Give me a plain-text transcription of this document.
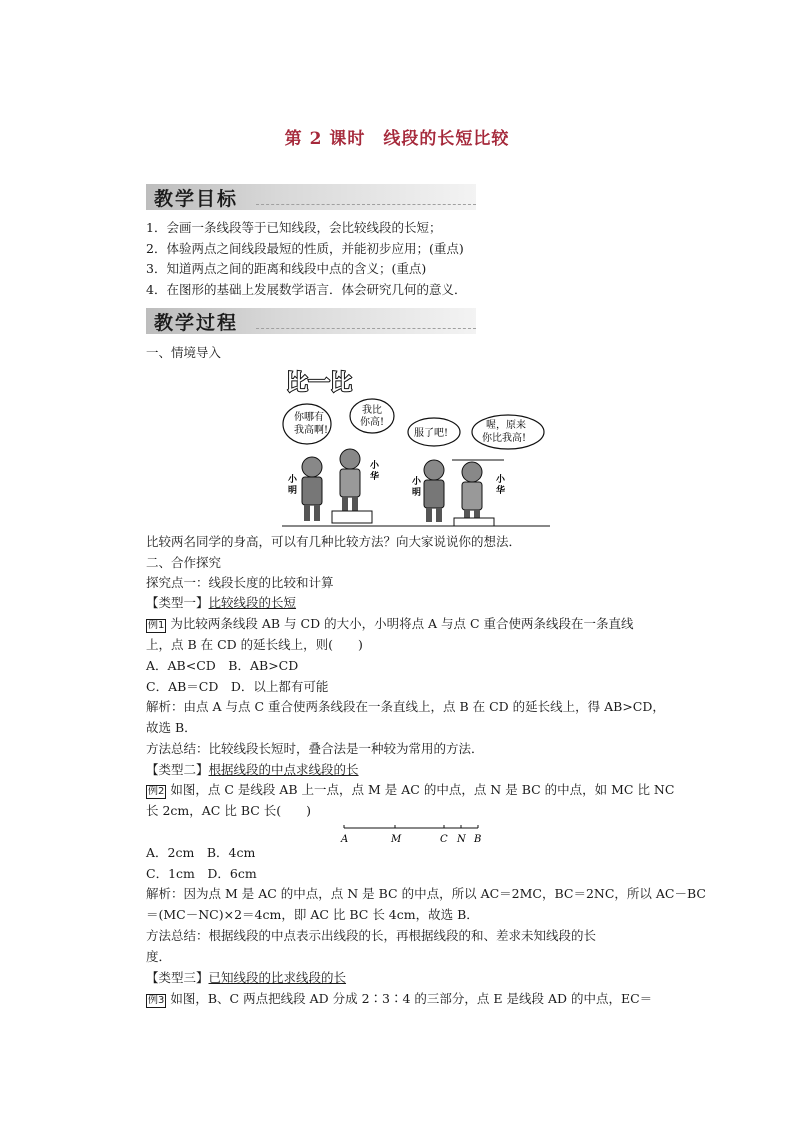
第 2 课时　线段的长短比较
教学目标
1．会画一条线段等于已知线段，会比较线段的长短；
2．体验两点之间线段最短的性质，并能初步应用；(重点)
3．知道两点之间的距离和线段中点的含义；(重点)
4．在图形的基础上发展数学语言．体会研究几何的意义．
教学过程
一、情境导入
比一比
你哪有
我高啊!
我比
你高!
服了吧!
喔，原来
你比我高!
小
明
小
华	小
明
小
华
比较两名同学的身高，可以有几种比较方法？向大家说说你的想法．
二、合作探究
探究点一：线段长度的比较和计算
【类型一】比较线段的长短
例1 为比较两条线段 AB 与 CD 的大小，小明将点 A 与点 C 重合使两条线段在一条直线
上，点 B 在 CD 的延长线上，则(　　)
A．AB<CD　B．AB>CD
C．AB＝CD　D．以上都有可能
解析：由点 A 与点 C 重合使两条线段在一条直线上，点 B 在 CD 的延长线上，得 AB>CD，
故选 B．
方法总结：比较线段长短时，叠合法是一种较为常用的方法．
【类型二】根据线段的中点求线段的长
例2 如图，点 C 是线段 AB 上一点，点 M 是 AC 的中点，点 N 是 BC 的中点，如 MC 比 NC
长 2cm，AC 比 BC 长(　　)
A	M	C N B
A．2cm　B．4cm
C．1cm　D．6cm
解析：因为点 M 是 AC 的中点，点 N 是 BC 的中点，所以 AC＝2MC，BC＝2NC，所以 AC－BC
＝(MC－NC)×2＝4cm，即 AC 比 BC 长 4cm，故选 B．
方法总结：根据线段的中点表示出线段的长，再根据线段的和、差求未知线段的长
度．
【类型三】已知线段的比求线段的长
例3 如图，B、C 两点把线段 AD 分成 2∶3∶4 的三部分，点 E 是线段 AD 的中点，EC＝
